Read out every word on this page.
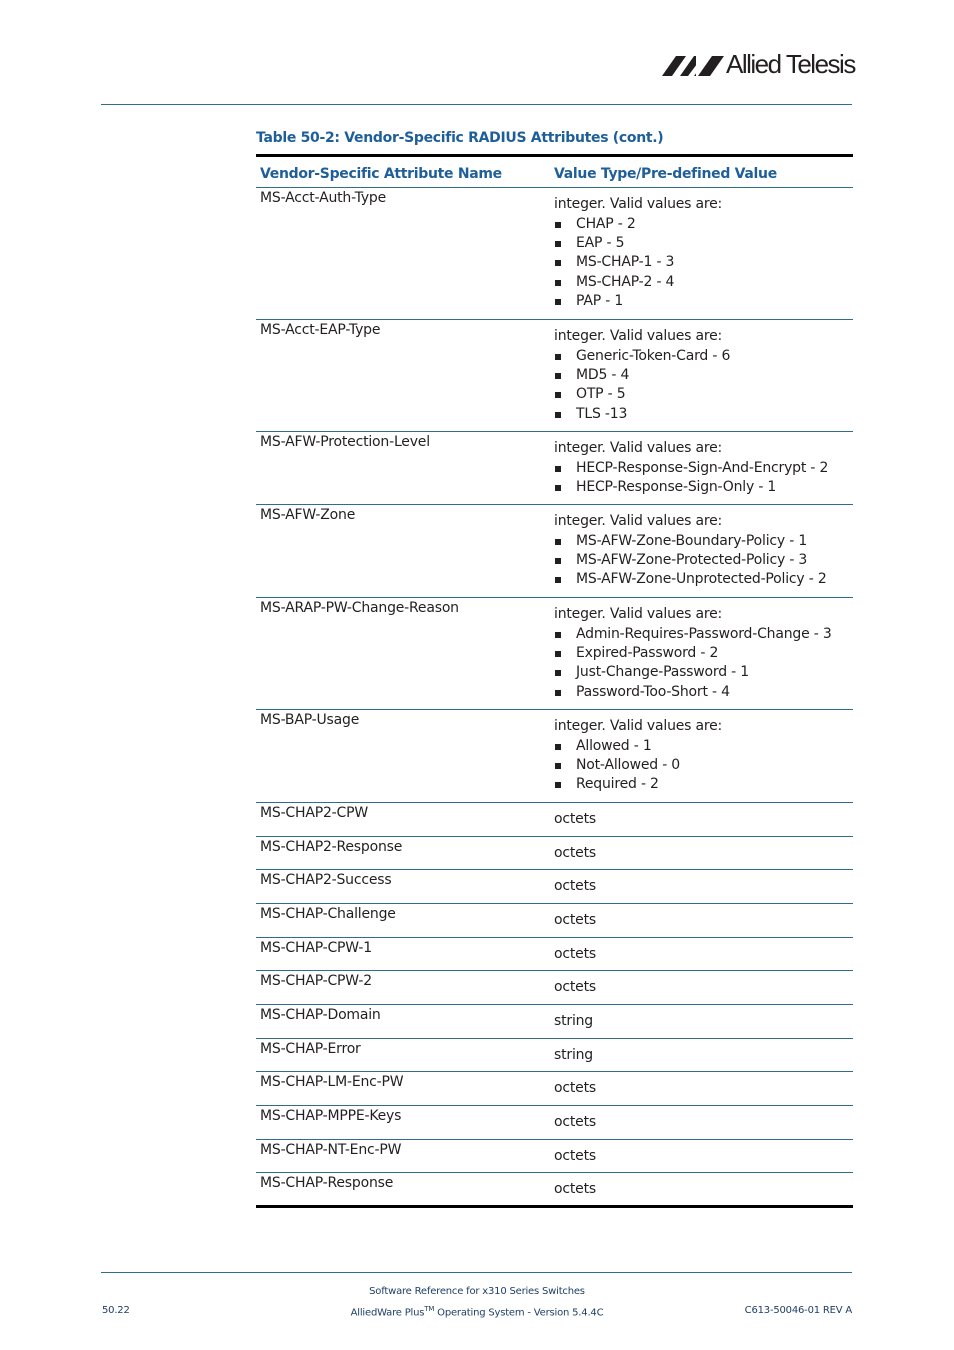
Allied Telesis
Table 50-2: Vendor-Specific RADIUS Attributes (cont.)
Vendor-Specific Attribute Name	Value Type/Pre-defined Value
MS-Acct-Auth-Type	integer. Valid values are:
CHAP - 2
EAP - 5
MS-CHAP-1 - 3
MS-CHAP-2 - 4
PAP - 1
MS-Acct-EAP-Type	integer. Valid values are:
Generic-Token-Card - 6
MD5 - 4
OTP - 5
TLS -13
MS-AFW-Protection-Level	integer. Valid values are:
HECP-Response-Sign-And-Encrypt - 2
HECP-Response-Sign-Only - 1
MS-AFW-Zone	integer. Valid values are:
MS-AFW-Zone-Boundary-Policy - 1
MS-AFW-Zone-Protected-Policy - 3
MS-AFW-Zone-Unprotected-Policy - 2
MS-ARAP-PW-Change-Reason	integer. Valid values are:
Admin-Requires-Password-Change - 3
Expired-Password - 2
Just-Change-Password - 1
Password-Too-Short - 4
MS-BAP-Usage	integer. Valid values are:
Allowed - 1
Not-Allowed - 0
Required - 2
MS-CHAP2-CPW	octets
MS-CHAP2-Response	octets
MS-CHAP2-Success	octets
MS-CHAP-Challenge	octets
MS-CHAP-CPW-1	octets
MS-CHAP-CPW-2	octets
MS-CHAP-Domain	string
MS-CHAP-Error	string
MS-CHAP-LM-Enc-PW	octets
MS-CHAP-MPPE-Keys	octets
MS-CHAP-NT-Enc-PW	octets
MS-CHAP-Response	octets
Software Reference for x310 Series Switches
AlliedWare Plus™ Operating System - Version 5.4.4C
50.22	C613-50046-01 REV A
